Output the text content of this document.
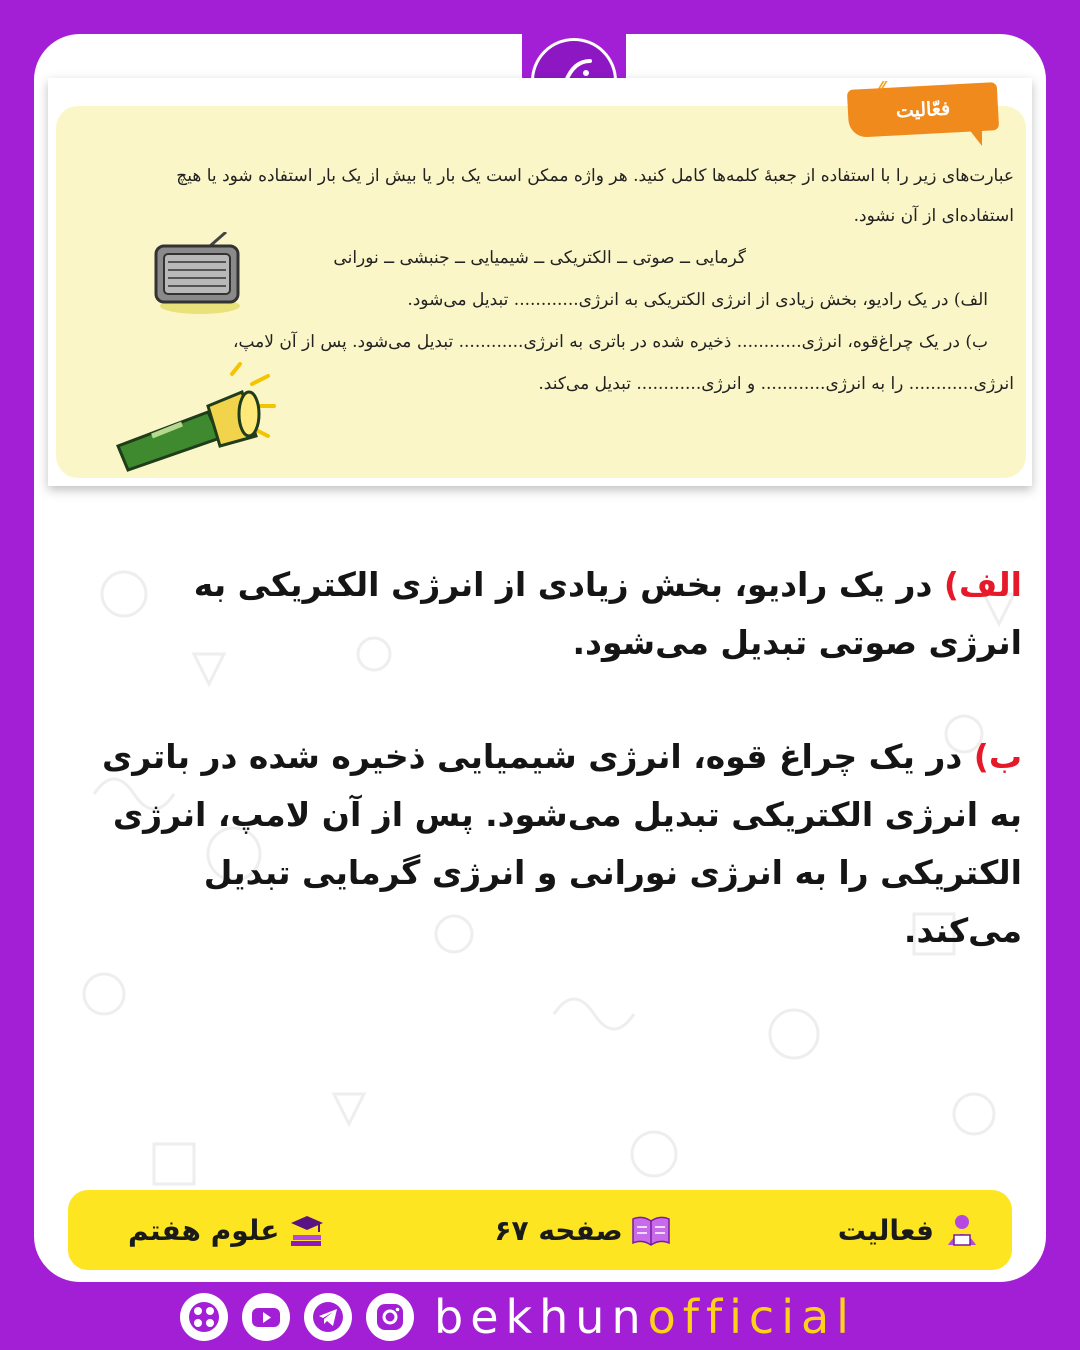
فعّالیت
عبارت‌های زیر را با استفاده از جعبهٔ کلمه‌ها کامل کنید. هر واژه ممکن است یک بار یا بیش از یک بار استفاده شود یا هیچ
استفاده‌ای از آن نشود.
گرمایی ــ صوتی ــ الکتریکی ــ شیمیایی ــ جنبشی ــ نورانی
الف) در یک رادیو، بخش زیادی از انرژی الکتریکی به انرژی............ تبدیل می‌شود.
ب) در یک چراغ‌قوه، انرژی............ ذخیره شده در باتری به انرژی............ تبدیل می‌شود. پس از آن لامپ،
انرژی............ را به انرژی............ و انرژی............ تبدیل می‌کند.

الف) در یک رادیو، بخش زیادی از انرژی الکتریکی به انرژی صوتی تبدیل می‌شود.

ب) در یک چراغ قوه، انرژی شیمیایی ذخیره شده در باتری به انرژی الکتریکی تبدیل می‌شود. پس از آن لامپ، انرژی الکتریکی را به انرژی نورانی و انرژی گرمایی تبدیل می‌کند.

فعالیت
صفحه ۶۷
علوم هفتم
bekhunofficial
